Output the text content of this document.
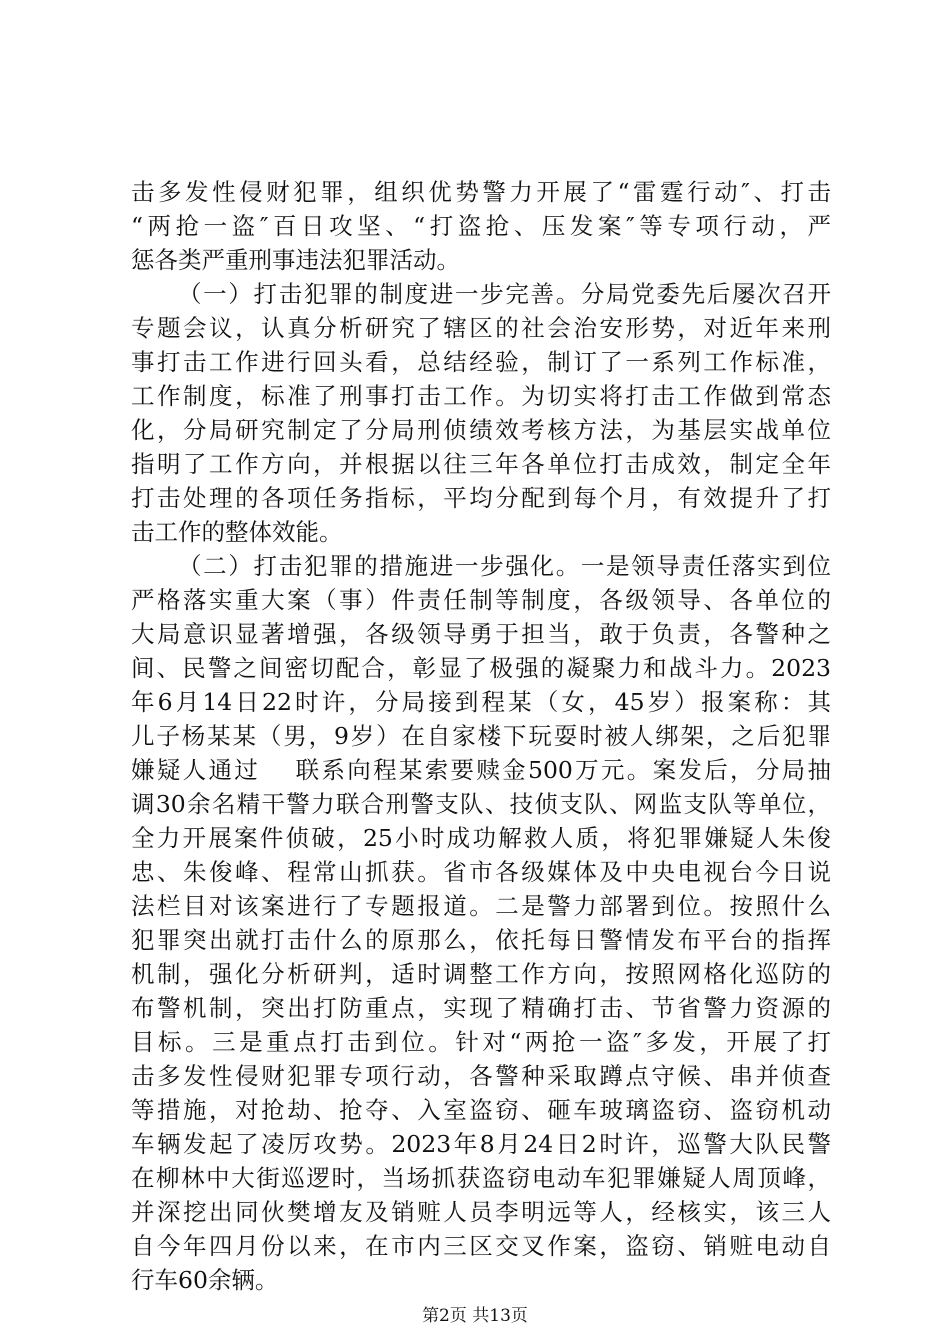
击多发性侵财犯罪，组织优势警力开展了“雷霆行动″、打击
“两抢一盗″百日攻坚、“打盗抢、压发案″等专项行动，严
惩各类严重刑事违法犯罪活动。
（一）打击犯罪的制度进一步完善。分局党委先后屡次召开
专题会议，认真分析研究了辖区的社会治安形势，对近年来刑
事打击工作进行回头看，总结经验，制订了一系列工作标准，
工作制度，标准了刑事打击工作。为切实将打击工作做到常态
化，分局研究制定了分局刑侦绩效考核方法，为基层实战单位
指明了工作方向，并根据以往三年各单位打击成效，制定全年
打击处理的各项任务指标，平均分配到每个月，有效提升了打
击工作的整体效能。
（二）打击犯罪的措施进一步强化。一是领导责任落实到位
严格落实重大案（事）件责任制等制度，各级领导、各单位的
大局意识显著增强，各级领导勇于担当，敢于负责，各警种之
间、民警之间密切配合，彰显了极强的凝聚力和战斗力。2023
年6月14日22时许，分局接到程某（女，45岁）报案称：其
儿子杨某某（男，9岁）在自家楼下玩耍时被人绑架，之后犯罪
嫌疑人通过　 联系向程某索要赎金500万元。案发后，分局抽
调30余名精干警力联合刑警支队、技侦支队、网监支队等单位，
全力开展案件侦破，25小时成功解救人质，将犯罪嫌疑人朱俊
忠、朱俊峰、程常山抓获。省市各级媒体及中央电视台今日说
法栏目对该案进行了专题报道。二是警力部署到位。按照什么
犯罪突出就打击什么的原那么，依托每日警情发布平台的指挥
机制，强化分析研判，适时调整工作方向，按照网格化巡防的
布警机制，突出打防重点，实现了精确打击、节省警力资源的
目标。三是重点打击到位。针对“两抢一盗″多发，开展了打
击多发性侵财犯罪专项行动，各警种采取蹲点守候、串并侦查
等措施，对抢劫、抢夺、入室盗窃、砸车玻璃盗窃、盗窃机动
车辆发起了凌厉攻势。2023年8月24日2时许，巡警大队民警
在柳林中大街巡逻时，当场抓获盗窃电动车犯罪嫌疑人周顶峰，
并深挖出同伙樊增友及销赃人员李明远等人，经核实，该三人
自今年四月份以来，在市内三区交叉作案，盗窃、销赃电动自
行车60余辆。
第2页 共13页
